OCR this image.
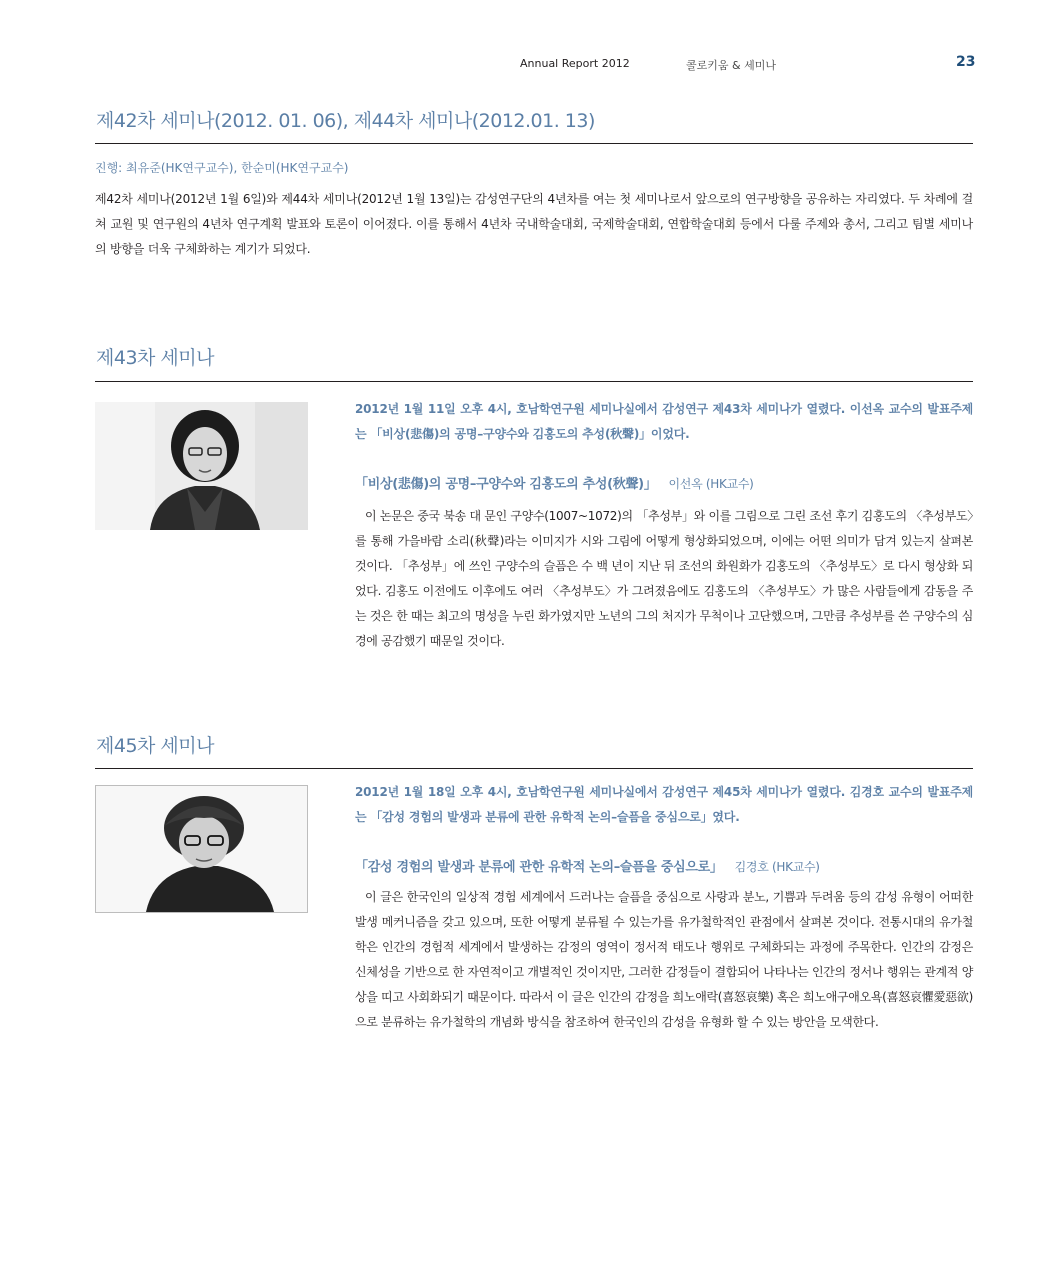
Annual Report 2012	콜로키움 & 세미나	23
제42차 세미나(2012. 01. 06), 제44차 세미나(2012.01. 13)
진행: 최유준(HK연구교수), 한순미(HK연구교수)
제42차 세미나(2012년 1월 6일)와 제44차 세미나(2012년 1월 13일)는 감성연구단의 4년차를 여는 첫 세미나로서 앞으로의 연구방향을 공유하는 자리였다. 두 차례에 걸쳐 교원 및 연구원의 4년차 연구계획 발표와 토론이 이어졌다. 이를 통해서 4년차 국내학술대회, 국제학술대회, 연합학술대회 등에서 다룰 주제와 총서, 그리고 팀별 세미나의 방향을 더욱 구체화하는 계기가 되었다.
제43차 세미나
2012년 1월 11일 오후 4시, 호남학연구원 세미나실에서 감성연구 제43차 세미나가 열렸다. 이선옥 교수의 발표주제는 「비상(悲傷)의 공명–구양수와 김홍도의 추성(秋聲)」이었다.
「비상(悲傷)의 공명–구양수와 김홍도의 추성(秋聲)」 이선옥 (HK교수)
이 논문은 중국 북송 대 문인 구양수(1007~1072)의 「추성부」와 이를 그림으로 그린 조선 후기 김홍도의 〈추성부도〉를 통해 가을바람 소리(秋聲)라는 이미지가 시와 그림에 어떻게 형상화되었으며, 이에는 어떤 의미가 담겨 있는지 살펴본 것이다. 「추성부」에 쓰인 구양수의 슬픔은 수 백 년이 지난 뒤 조선의 화원화가 김홍도의 〈추성부도〉로 다시 형상화 되었다. 김홍도 이전에도 이후에도 여러 〈추성부도〉가 그려졌음에도 김홍도의 〈추성부도〉가 많은 사람들에게 감동을 주는 것은 한 때는 최고의 명성을 누린 화가였지만 노년의 그의 처지가 무척이나 고단했으며, 그만큼 추성부를 쓴 구양수의 심경에 공감했기 때문일 것이다.
제45차 세미나
2012년 1월 18일 오후 4시, 호남학연구원 세미나실에서 감성연구 제45차 세미나가 열렸다. 김경호 교수의 발표주제는 「감성 경험의 발생과 분류에 관한 유학적 논의–슬픔을 중심으로」였다.
「감성 경험의 발생과 분류에 관한 유학적 논의–슬픔을 중심으로」 김경호 (HK교수)
이 글은 한국인의 일상적 경험 세계에서 드러나는 슬픔을 중심으로 사랑과 분노, 기쁨과 두려움 등의 감성 유형이 어떠한 발생 메커니즘을 갖고 있으며, 또한 어떻게 분류될 수 있는가를 유가철학적인 관점에서 살펴본 것이다. 전통시대의 유가철학은 인간의 경험적 세계에서 발생하는 감정의 영역이 정서적 태도나 행위로 구체화되는 과정에 주목한다. 인간의 감정은 신체성을 기반으로 한 자연적이고 개별적인 것이지만, 그러한 감정들이 결합되어 나타나는 인간의 정서나 행위는 관계적 양상을 띠고 사회화되기 때문이다. 따라서 이 글은 인간의 감정을 희노애락(喜怒哀樂) 혹은 희노애구애오욕(喜怒哀懼愛惡欲)으로 분류하는 유가철학의 개념화 방식을 참조하여 한국인의 감성을 유형화 할 수 있는 방안을 모색한다.
